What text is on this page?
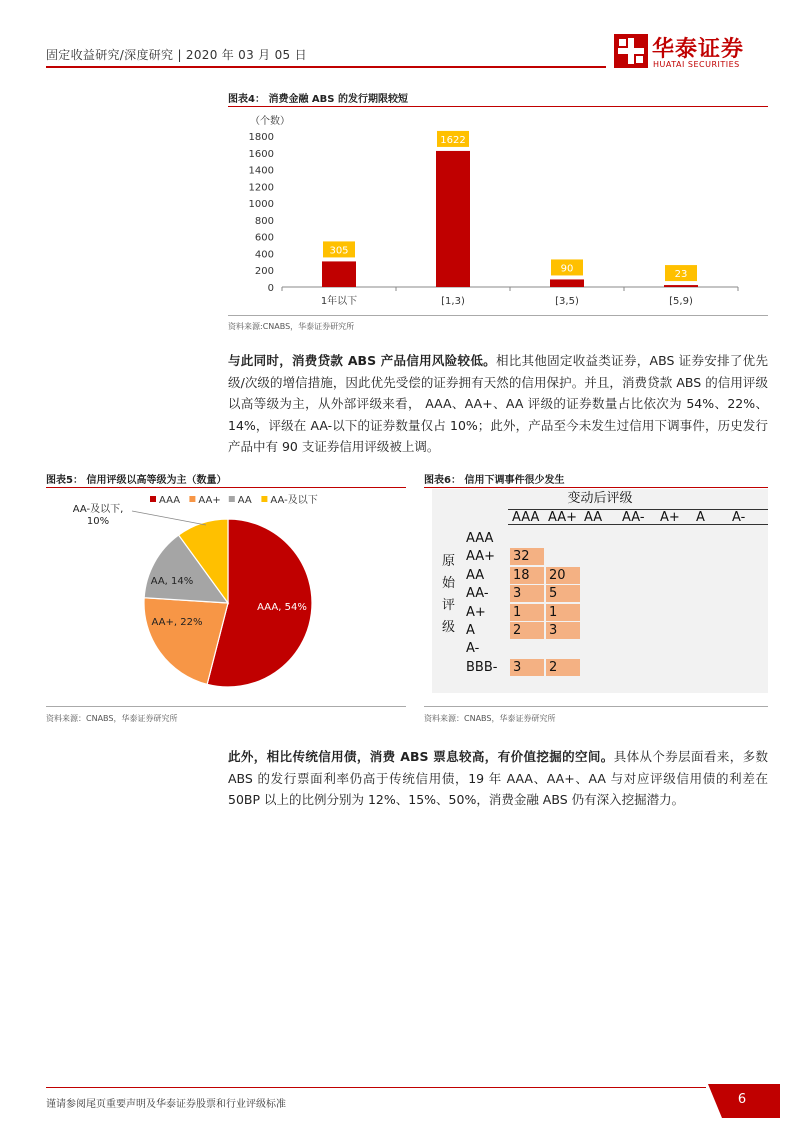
固定收益研究/深度研究 | 2020 年 03 月 05 日	华泰证券
HUATAI SECURITIES
图表4： 消费金融 ABS 的发行期限较短
（个数）
0
200
400
600
800
1000
1200
1400
1600
1800
305
1年以下
1622
[1,3)
90
[3,5)
23
[5,9)
资料来源:CNABS，华泰证券研究所
与此同时，消费贷款 ABS 产品信用风险较低。相比其他固定收益类证券，ABS 证券安排了优先级/次级的增信措施，因此优先受偿的证券拥有天然的信用保护。并且，消费贷款 ABS 的信用评级以高等级为主，从外部评级来看， AAA、AA+、AA 评级的证券数量占比依次为 54%、22%、14%，评级在 AA-以下的证券数量仅占 10%；此外，产品至今未发生过信用下调事件，历史发行产品中有 90 支证券信用评级被上调。
图表5： 信用评级以高等级为主（数量）
AAA AA+ AA AA-及以下
AAA, 54%
AA+, 22%
AA, 14%
AA-及以下,
10%
资料来源：CNABS，华泰证券研究所
图表6： 信用下调事件很少发生
变动后评级
AAA AA+ AA AA- A+ A A-
原
始
评
级
AAA
AA+ 32
AA 18	20
AA- 3	5
A+ 1	1
A	2	3
A-
BBB- 3	2
资料来源：CNABS，华泰证券研究所
此外，相比传统信用债，消费 ABS 票息较高，有价值挖掘的空间。具体从个券层面看来，多数 ABS 的发行票面利率仍高于传统信用债，19 年 AAA、AA+、AA 与对应评级信用债的利差在 50BP 以上的比例分别为 12%、15%、50%，消费金融 ABS 仍有深入挖掘潜力。
谨请参阅尾页重要声明及华泰证券股票和行业评级标准	6
